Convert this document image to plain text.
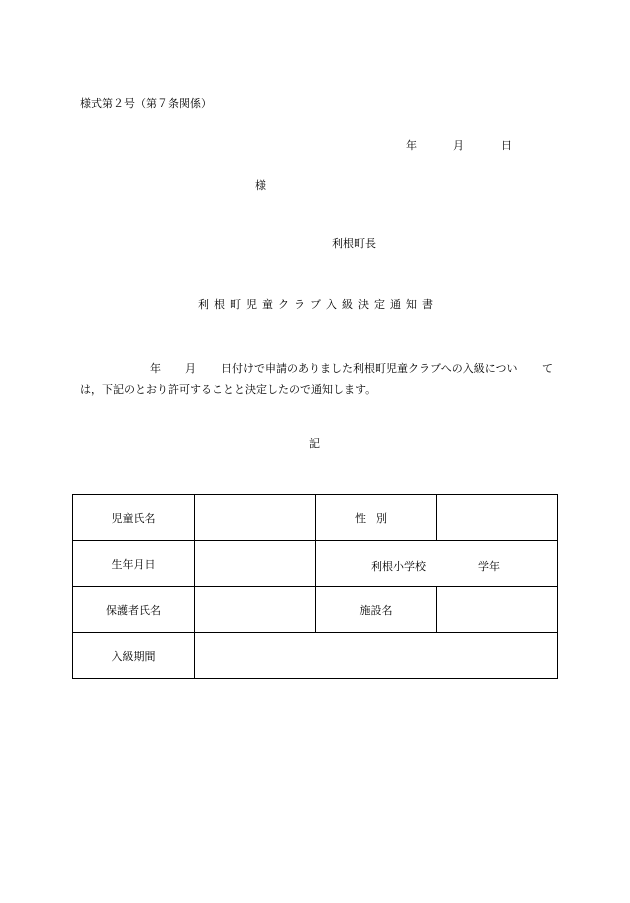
様式第２号（第７条関係）
年	月	日
様
利根町長
利根町児童クラブ入級決定通知書
年 月 日付けで申請のありました利根町児童クラブへの入級につい て
は，下記のとおり許可することと決定したので通知します。
記
児童氏名		性別	
生年月日		利根小学校 学年	

保護者氏名		施設名	
入級期間			
